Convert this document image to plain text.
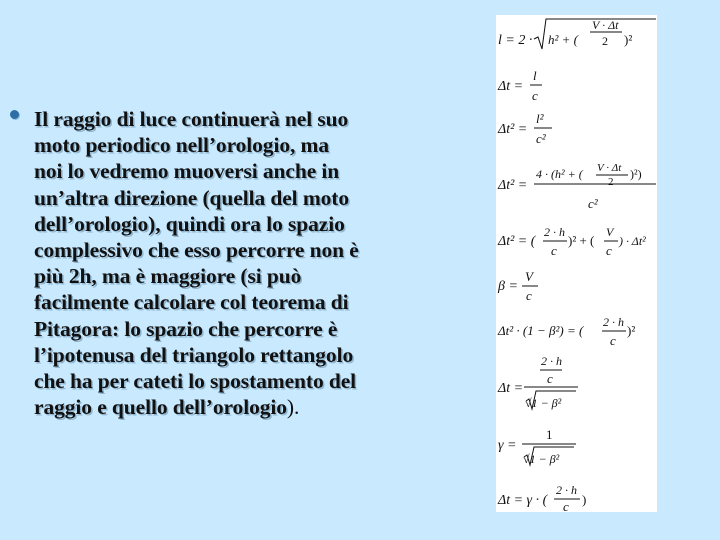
Il raggio di luce continuerà nel suo
moto periodico nell’orologio, ma
noi lo vedremo muoversi anche in
un’altra direzione (quella del moto
dell’orologio), quindi ora lo spazio
complessivo che esso percorre non è
più 2h, ma è maggiore (si può
facilmente calcolare col teorema di
Pitagora: lo spazio che percorre è
l’ipotenusa del triangolo rettangolo
che ha per cateti lo spostamento del
raggio e quello dell’orologio).
l = 2 · h² + (
V · Δt
2 )²
Δt =
l
c
Δt² =
l²
c²
Δt² =
4 · (h² + ( V · Δt
2
)²)
c²
Δt² = (
2 · h
c
)² + (
V
c
) · Δt²
β =
V
c
Δt² · (1 − β²) = (
2 · h
c
)²
Δt =
2 · h
c
√1 − β²
γ =
1
√1 − β²
Δt = γ · (
2 · h
c )
